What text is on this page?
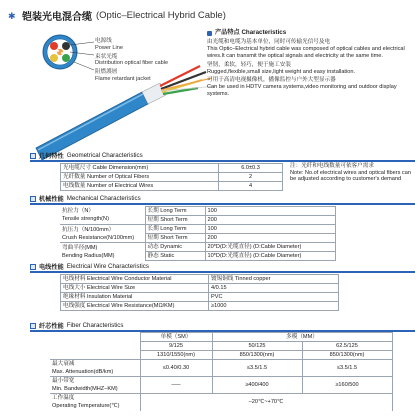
✱ 铠装光电混合缆 (Optic–Electrical Hybrid Cable)
电源线
Power Line
束状光缆
Distribution optical fiber cable
阻燃護層
Flame retardant jacket
产品特点 Characteristics
由光缆和电缆为基本单位，同时可传输光信号及电
This Optic–Electrical hybrid cable was composed of optical cables and electrical wires.It can transmit the optical signals and electricity at the same time.
坚韧，柔软，轻巧，便于施工安装
Rugged,flexible,small size,light weight and easy installation.
可用于高清电视摄像机，播像监控与户外大型显示器
Can be used in HDTV camera systems,video monitoring and outdoor display systems.
几何特性 Geometrical Characteristics
光电缆尺寸 Cable Dimension(mm)	6.0±0.3
光纤数量 Number of Optical Fibers	2
电线数量 Number of Electrical Wires	4
注：光纤和电线数量可依客户需求
Note: No.of electrical wires and optical fibers can be adjusted according to customer's demand
机械性能 Mechanical Characteristics
抗拉力（N）
Tensile strength(N)	长期 Long Term	100
	短期 Short Term	200

抗压力（N/100mm）
Crush Resistance(N/100mm)	长期 Long Term	100
	短期 Short Term	200

弯曲半径(MM)
Bending Radius(MM)	动态 Dynamic	20*D(D:光缆直径) (D:Cable Diameter)
	静态 Static	10*D(D:光缆直径) (D:Cable Diameter)
电线性能 Electrical Wire Characteristics
电线材料 Electrical Wire Conductor Material	镀锡铜线 Tinned copper
电线大小 Electrical Wire Size	4/0.15
绝缘材料 Insulation Material	PVC
电线强度 Electrical Wire Resistance(MΩ/KM)	≥1000
纤芯性能 Fiber Characteristics
	单模（SM）	多模（MM）	
	9/125	50/125	62.5/125
	1310/1550(nm)	850/1300(nm)	850/1300(nm)

最大衰减
Max. Attenuation(dB/km)	≤0.40/0.30	≤3.5/1.5	≤3.5/1.5

最小带宽
Min. Bandwidth(MHZ–KM)	–––	≥400/400	≥160/500

工作温度
Operating Temperature(℃)	–20℃~+70℃		
